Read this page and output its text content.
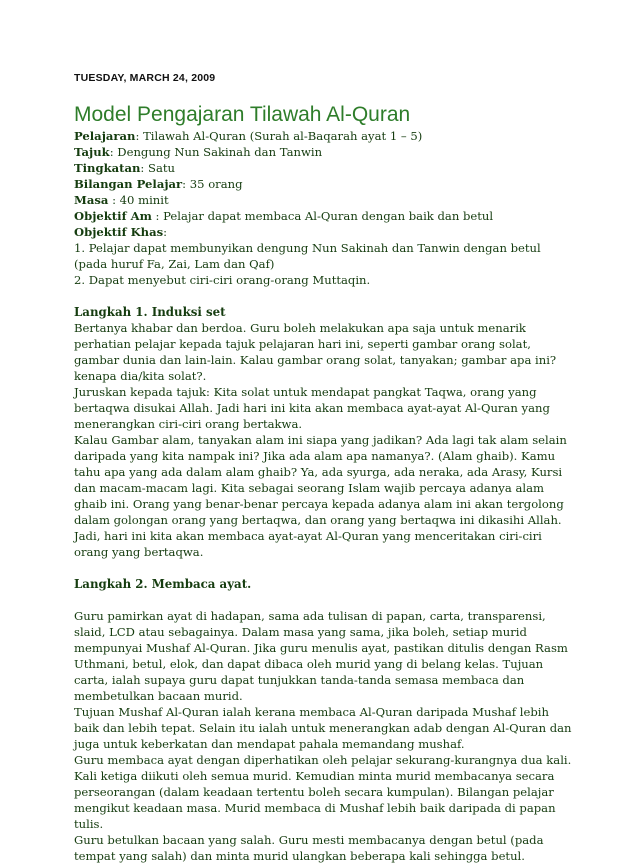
TUESDAY, MARCH 24, 2009
Model Pengajaran Tilawah Al-Quran
Pelajaran: Tilawah Al-Quran (Surah al-Baqarah ayat 1 – 5)
Tajuk: Dengung Nun Sakinah dan Tanwin
Tingkatan: Satu
Bilangan Pelajar: 35 orang
Masa : 40 minit
Objektif Am : Pelajar dapat membaca Al-Quran dengan baik dan betul
Objektif Khas:
1. Pelajar dapat membunyikan dengung Nun Sakinah dan Tanwin dengan betul (pada huruf Fa, Zai, Lam dan Qaf)
2. Dapat menyebut ciri-ciri orang-orang Muttaqin.
Langkah 1. Induksi set

Bertanya khabar dan berdoa. Guru boleh melakukan apa saja untuk menarik perhatian pelajar kepada tajuk pelajaran hari ini, seperti gambar orang solat, gambar dunia dan lain-lain. Kalau gambar orang solat, tanyakan; gambar apa ini? kenapa dia/kita solat?.

Juruskan kepada tajuk: Kita solat untuk mendapat pangkat Taqwa, orang yang bertaqwa disukai Allah. Jadi hari ini kita akan membaca ayat-ayat Al-Quran yang menerangkan ciri-ciri orang bertakwa.

Kalau Gambar alam, tanyakan alam ini siapa yang jadikan? Ada lagi tak alam selain daripada yang kita nampak ini? Jika ada alam apa namanya?. (Alam ghaib). Kamu tahu apa yang ada dalam alam ghaib? Ya, ada syurga, ada neraka, ada Arasy, Kursi dan macam-macam lagi. Kita sebagai seorang Islam wajib percaya adanya alam ghaib ini. Orang yang benar-benar percaya kepada adanya alam ini akan tergolong dalam golongan orang yang bertaqwa, dan orang yang bertaqwa ini dikasihi Allah. Jadi, hari ini kita akan membaca ayat-ayat Al-Quran yang menceritakan ciri-ciri orang yang bertaqwa.

Langkah 2. Membaca ayat.

Guru pamirkan ayat di hadapan, sama ada tulisan di papan, carta, transparensi, slaid, LCD atau sebagainya. Dalam masa yang sama, jika boleh, setiap murid mempunyai Mushaf Al-Quran. Jika guru menulis ayat, pastikan ditulis dengan Rasm Uthmani, betul, elok, dan dapat dibaca oleh murid yang di belang kelas. Tujuan carta, ialah supaya guru dapat tunjukkan tanda-tanda semasa membaca dan membetulkan bacaan murid.

Tujuan Mushaf Al-Quran ialah kerana membaca Al-Quran daripada Mushaf lebih baik dan lebih tepat. Selain itu ialah untuk menerangkan adab dengan Al-Quran dan juga untuk keberkatan dan mendapat pahala memandang mushaf.

Guru membaca ayat dengan diperhatikan oleh pelajar sekurang-kurangnya dua kali. Kali ketiga diikuti oleh semua murid. Kemudian minta murid membacanya secara perseorangan (dalam keadaan tertentu boleh secara kumpulan). Bilangan pelajar mengikut keadaan masa. Murid membaca di Mushaf lebih baik daripada di papan tulis.

Guru betulkan bacaan yang salah. Guru mesti membacanya dengan betul (pada tempat yang salah) dan minta murid ulangkan beberapa kali sehingga betul.
